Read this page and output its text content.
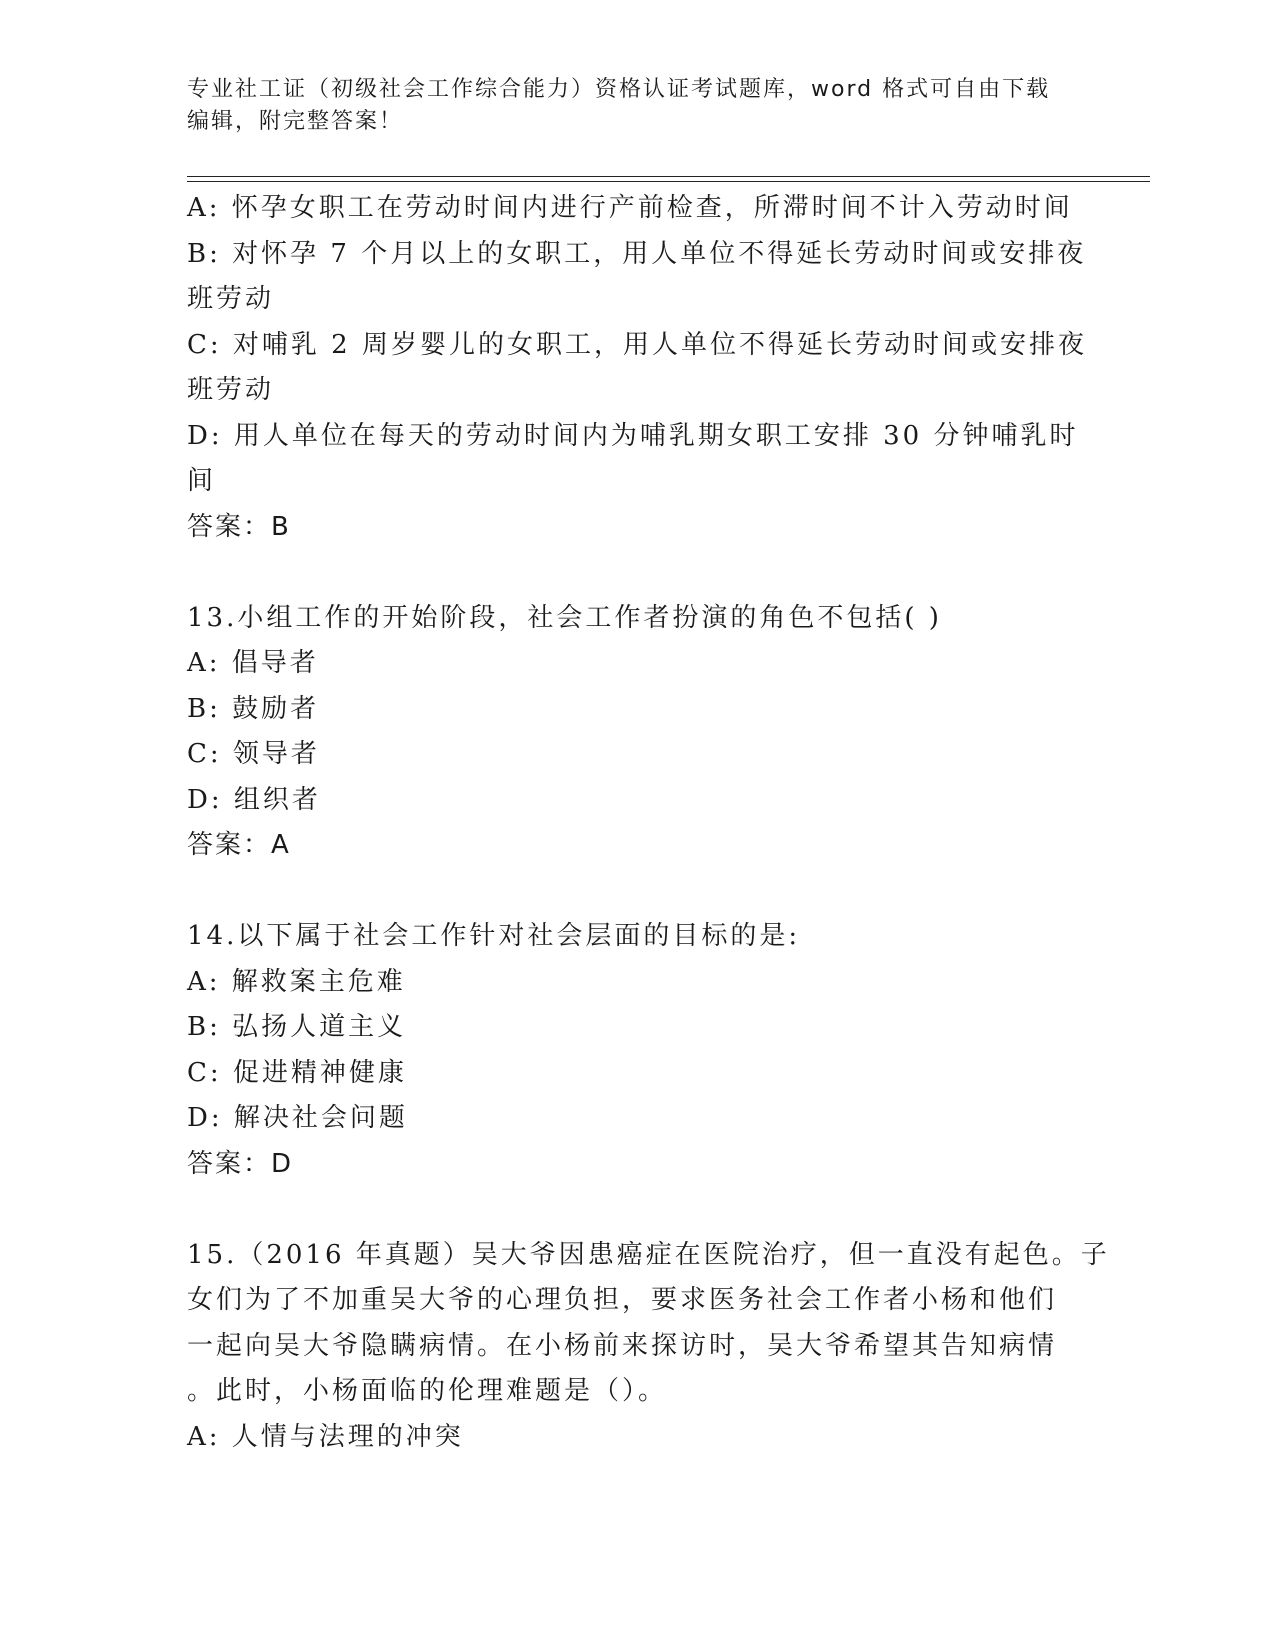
专业社工证（初级社会工作综合能力）资格认证考试题库，word 格式可自由下载
编辑，附完整答案！
A: 怀孕女职工在劳动时间内进行产前检查，所滞时间不计入劳动时间
B: 对怀孕 7 个月以上的女职工，用人单位不得延长劳动时间或安排夜
班劳动
C: 对哺乳 2 周岁婴儿的女职工，用人单位不得延长劳动时间或安排夜
班劳动
D: 用人单位在每天的劳动时间内为哺乳期女职工安排 30 分钟哺乳时
间
答案：B
13.小组工作的开始阶段，社会工作者扮演的角色不包括( )
A: 倡导者
B: 鼓励者
C: 领导者
D: 组织者
答案：A
14.以下属于社会工作针对社会层面的目标的是:
A: 解救案主危难
B: 弘扬人道主义
C: 促进精神健康
D: 解决社会问题
答案：D
15.（2016 年真题）吴大爷因患癌症在医院治疗，但一直没有起色。子
女们为了不加重吴大爷的心理负担，要求医务社会工作者小杨和他们
一起向吴大爷隐瞒病情。在小杨前来探访时，吴大爷希望其告知病情
。此时，小杨面临的伦理难题是（）。
A: 人情与法理的冲突
